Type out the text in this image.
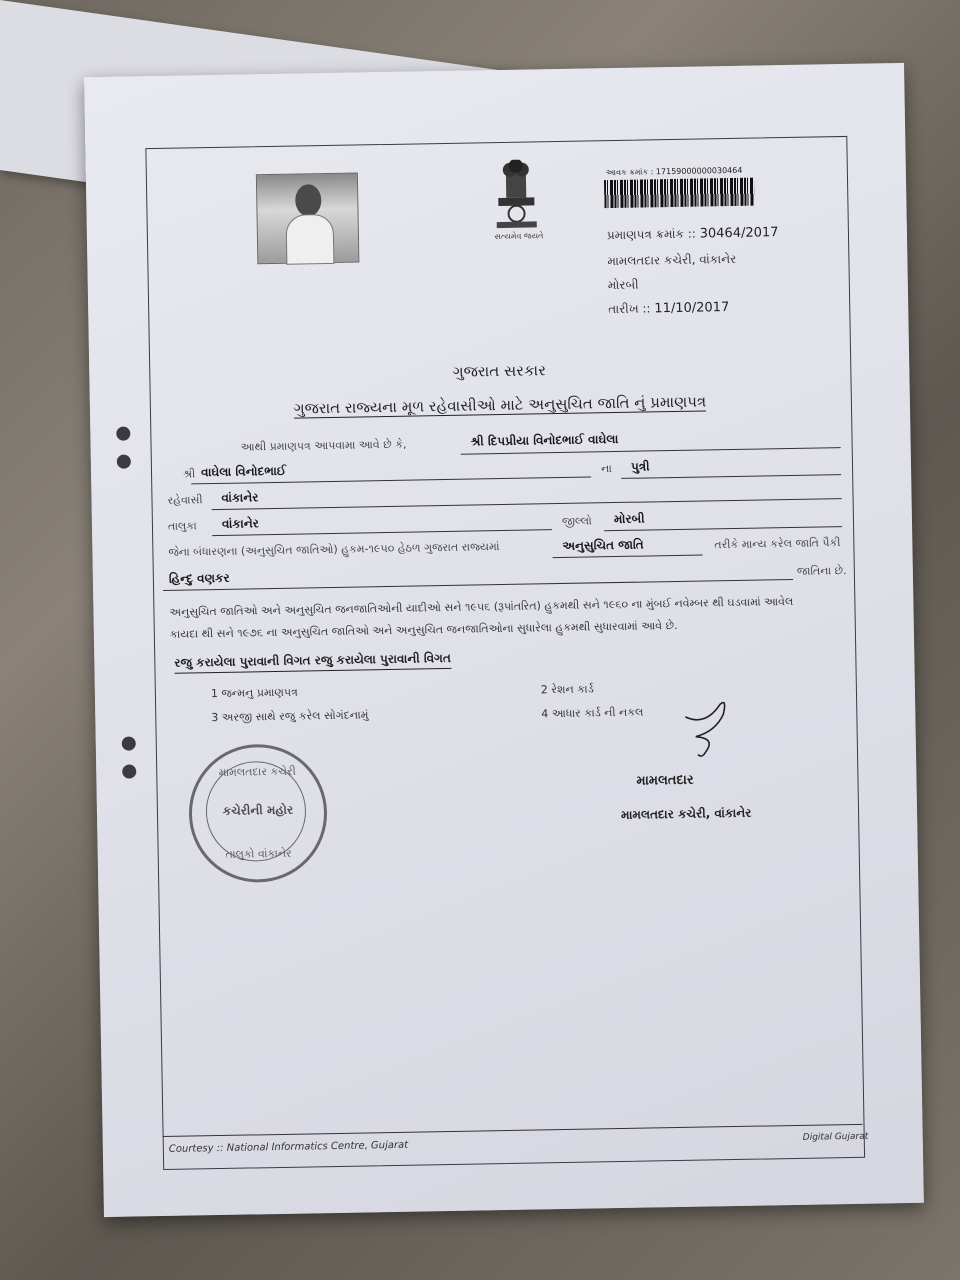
સત્યમેવ જયતે
આવક ક્રમાંક : 17159000000030464
પ્રમાણપત્ર ક્રમાંક :: 30464/2017
મામલતદાર કચેરી, વાંકાનેર
મોરબી
તારીખ :: 11/10/2017
ગુજરાત સરકાર
ગુજરાત રાજ્યના મૂળ રહેવાસીઓ માટે અનુસુચિત જાતિ નું પ્રમાણપત્ર
આથી પ્રમાણપત્ર આપવામા આવે છે કે,	શ્રી દિપપ્રીયા વિનોદભાઈ વાઘેલા
શ્રી વાઘેલા વિનોદભાઈ	ના પુત્રી
રહેવાસી વાંકાનેર
તાલુકા વાંકાનેર	જીલ્લો મોરબી
જેના બંધારણના (અનુસુચિત જાતિઓ) હુકમ-૧૯૫૦ હેઠળ ગુજરાત રાજ્યમાં	અનુસુચિત જાતિ	તરીકે માન્ય કરેલ જાતિ પૈકી
હિન્દુ વણકર	જાતિના છે.
અનુસુચિત જાતિઓ અને અનુસુચિત જનજાતિઓની યાદીઓ સને ૧૯૫૬ (રૂપાંતરિત) હુકમથી સને ૧૯૬૦ ના મુંબઈ નવેમ્બર થી ઘડવામાં આવેલ કાયદા થી સને ૧૯૭૬ ના અનુસુચિત જાતિઓ અને અનુસુચિત જનજાતિઓના સુધારેલા હુકમથી સુધારવામાં આવે છે.
રજુ કરાયેલા પુરાવાની વિગત રજુ કરાયેલા પુરાવાની વિગત
1 જન્મનુ પ્રમાણપત્ર	2 રેશન કાર્ડ
3 અરજી સાથે રજુ કરેલ સોગંદનામું	4 આધાર કાર્ડ ની નકલ
મામલતદાર
મામલતદાર કચેરી, વાંકાનેર
મામલતદાર કચેરી
કચેરીની મહોર
તાલુકો વાંકાનેર
Courtesy :: National Informatics Centre, Gujarat
Digital Gujarat
